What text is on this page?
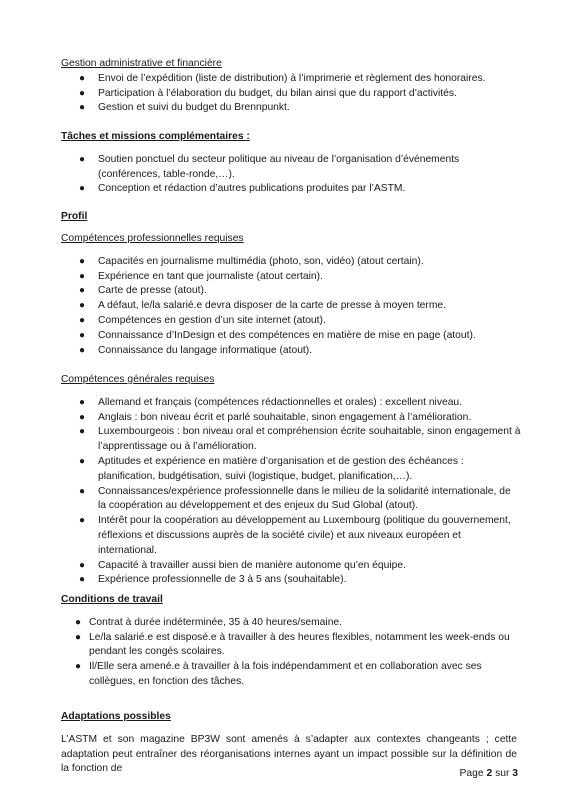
Gestion administrative et financière
● Envoi de l’expédition (liste de distribution) à l’imprimerie et règlement des honoraires.
● Participation à l’élaboration du budget, du bilan ainsi que du rapport d’activités.
● Gestion et suivi du budget du Brennpunkt.
Tâches et missions complémentaires :
● Soutien ponctuel du secteur politique au niveau de l’organisation d’événements (conférences, table-ronde,…).
● Conception et rédaction d’autres publications produites par l’ASTM.
Profil
Compétences professionnelles requises
● Capacités en journalisme multimédia (photo, son, vidéo) (atout certain).
● Expérience en tant que journaliste (atout certain).
● Carte de presse (atout).
● A défaut, le/la salarié.e devra disposer de la carte de presse à moyen terme.
● Compétences en gestion d’un site internet (atout).
● Connaissance d’InDesign et des compétences en matière de mise en page (atout).
● Connaissance du langage informatique (atout).
Compétences générales requises
● Allemand et français (compétences rédactionnelles et orales) : excellent niveau.
● Anglais : bon niveau écrit et parlé souhaitable, sinon engagement à l’amélioration.
● Luxembourgeois : bon niveau oral et compréhension écrite souhaitable, sinon engagement à l’apprentissage ou à l’amélioration.
● Aptitudes et expérience en matière d’organisation et de gestion des échéances : planification, budgétisation, suivi (logistique, budget, planification,…).
● Connaissances/expérience professionnelle dans le milieu de la solidarité internationale, de la coopération au développement et des enjeux du Sud Global (atout).
● Intérêt pour la coopération au développement au Luxembourg (politique du gouvernement, réflexions et discussions auprès de la société civile) et aux niveaux européen et international.
● Capacité à travailler aussi bien de manière autonome qu’en équipe.
● Expérience professionnelle de 3 à 5 ans (souhaitable).
Conditions de travail
● Contrat à durée indéterminée, 35 à 40 heures/semaine.
● Le/la salarié.e est disposé.e à travailler à des heures flexibles, notamment les week-ends ou pendant les congés scolaires.
● Il/Elle sera amené.e à travailler à la fois indépendamment et en collaboration avec ses collègues, en fonction des tâches.
Adaptations possibles
L’ASTM et son magazine BP3W sont amenés à s’adapter aux contextes changeants ; cette adaptation peut entraîner des réorganisations internes ayant un impact possible sur la définition de la fonction de	Page 2 sur 3
